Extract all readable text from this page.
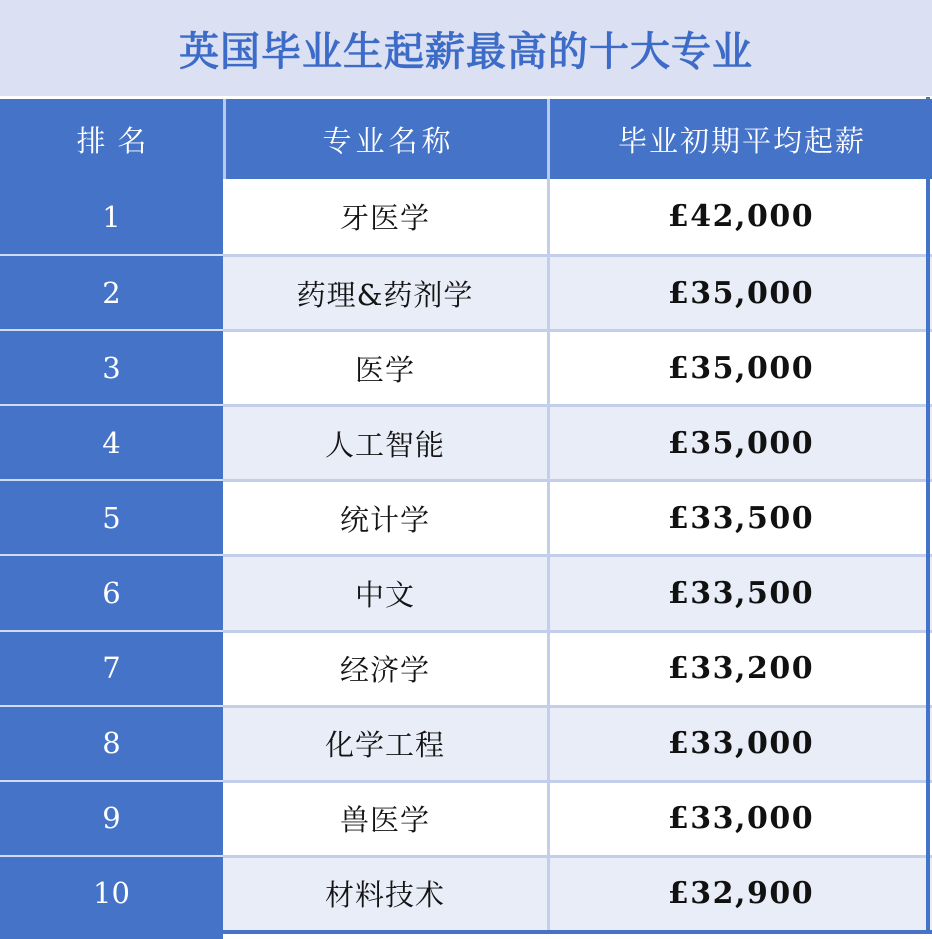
英国毕业生起薪最高的十大专业
排名	专业名称	毕业初期平均起薪
1	牙医学	£42,000
2	药理&药剂学	£35,000
3	医学	£35,000
4	人工智能	£35,000
5	统计学	£33,500
6	中文	£33,500
7	经济学	£33,200
8	化学工程	£33,000
9	兽医学	£33,000
10	材料技术	£32,900
